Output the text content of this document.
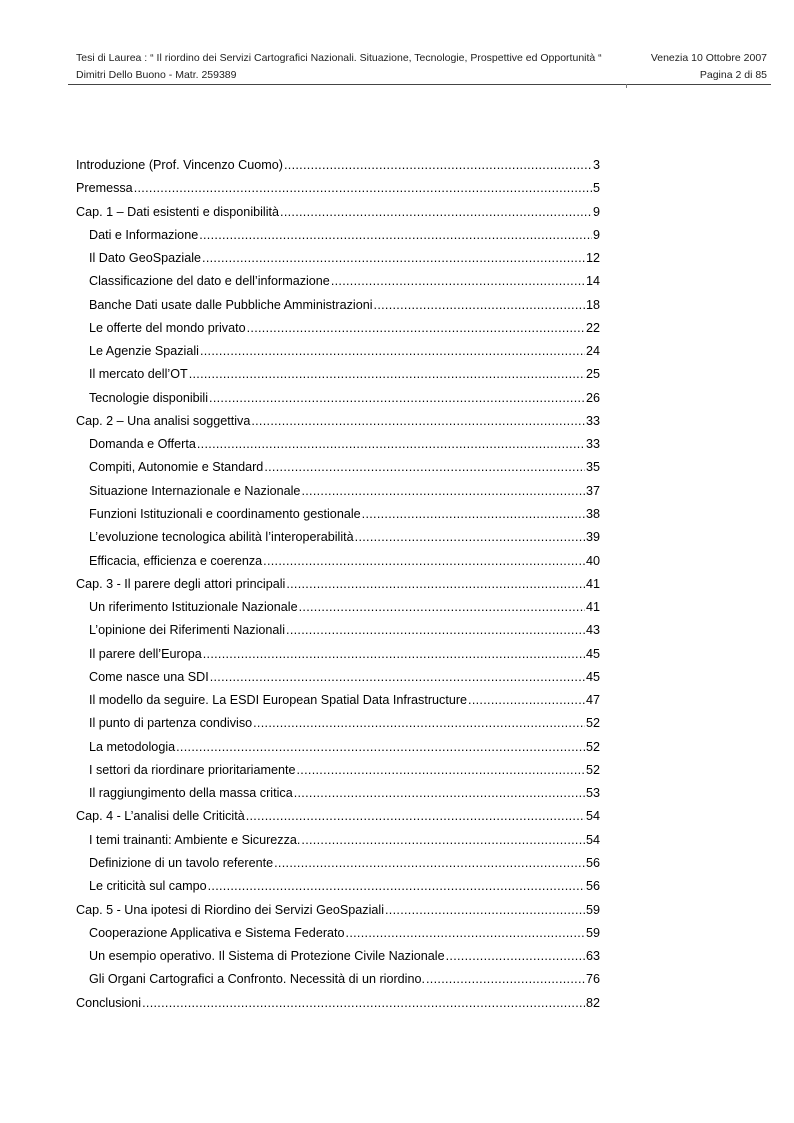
Tesi di Laurea : “ Il riordino dei Servizi Cartografici Nazionali. Situazione, Tecnologie, Prospettive ed Opportunità “	Venezia 10 Ottobre 2007
Dimitri Dello Buono - Matr. 259389	Pagina 2 di 85
Introduzione (Prof. Vincenzo Cuomo) .....	3
Premessa .....	5
Cap. 1 – Dati esistenti e disponibilità .....	9
Dati e Informazione .....	9
Il Dato GeoSpaziale .....	12
Classificazione del dato e dell’informazione .....	14
Banche Dati usate dalle Pubbliche Amministrazioni .....	18
Le offerte del mondo privato .....	22
Le Agenzie Spaziali .....	24
Il mercato dell’OT .....	25
Tecnologie disponibili .....	26
Cap. 2 – Una analisi soggettiva .....	33
Domanda e Offerta .....	33
Compiti, Autonomie e Standard .....	35
Situazione Internazionale e Nazionale .....	37
Funzioni Istituzionali e coordinamento gestionale .....	38
L’evoluzione tecnologica abilità l’interoperabilità .....	39
Efficacia, efficienza e coerenza .....	40
Cap. 3 - Il parere degli attori principali .....	41
Un riferimento Istituzionale Nazionale .....	41
L’opinione dei Riferimenti Nazionali .....	43
Il parere dell’Europa .....	45
Come nasce una SDI .....	45
Il modello da seguire. La ESDI European Spatial Data Infrastructure .....	47
Il punto di partenza condiviso .....	52
La metodologia .....	52
I settori da riordinare prioritariamente .....	52
Il raggiungimento della massa critica .....	53
Cap. 4 - L’analisi delle Criticità .....	54
I temi trainanti: Ambiente e Sicurezza. .....	54
Definizione di un tavolo referente .....	56
Le criticità sul campo .....	56
Cap. 5 - Una ipotesi di Riordino dei Servizi GeoSpaziali .....	59
Cooperazione Applicativa e Sistema Federato .....	59
Un esempio operativo. Il Sistema di Protezione Civile Nazionale .....	63
Gli Organi Cartografici a Confronto. Necessità di un riordino. .....	76
Conclusioni .....	82
